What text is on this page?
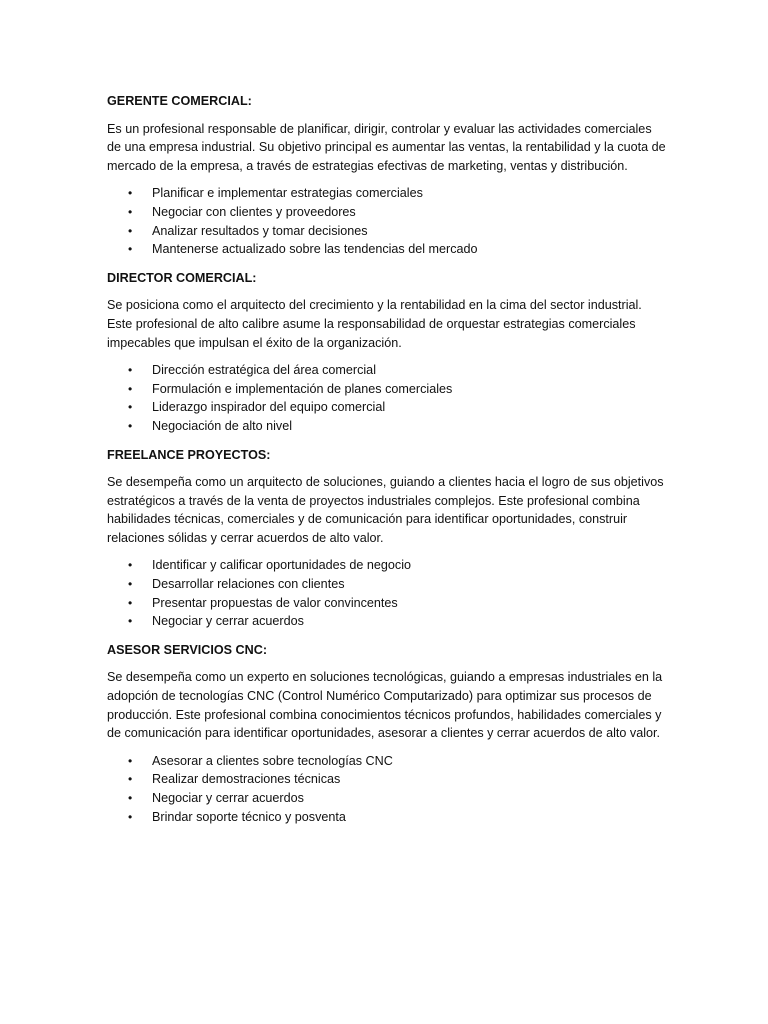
GERENTE COMERCIAL:
Es un profesional responsable de planificar, dirigir, controlar y evaluar las actividades comerciales de una empresa industrial. Su objetivo principal es aumentar las ventas, la rentabilidad y la cuota de mercado de la empresa, a través de estrategias efectivas de marketing, ventas y distribución.
• Planificar e implementar estrategias comerciales
• Negociar con clientes y proveedores
• Analizar resultados y tomar decisiones
• Mantenerse actualizado sobre las tendencias del mercado
DIRECTOR COMERCIAL:
Se posiciona como el arquitecto del crecimiento y la rentabilidad en la cima del sector industrial. Este profesional de alto calibre asume la responsabilidad de orquestar estrategias comerciales impecables que impulsan el éxito de la organización.
• Dirección estratégica del área comercial
• Formulación e implementación de planes comerciales
• Liderazgo inspirador del equipo comercial
• Negociación de alto nivel
FREELANCE PROYECTOS:
Se desempeña como un arquitecto de soluciones, guiando a clientes hacia el logro de sus objetivos estratégicos a través de la venta de proyectos industriales complejos. Este profesional combina habilidades técnicas, comerciales y de comunicación para identificar oportunidades, construir relaciones sólidas y cerrar acuerdos de alto valor.
• Identificar y calificar oportunidades de negocio
• Desarrollar relaciones con clientes
• Presentar propuestas de valor convincentes
• Negociar y cerrar acuerdos
ASESOR SERVICIOS CNC:
Se desempeña como un experto en soluciones tecnológicas, guiando a empresas industriales en la adopción de tecnologías CNC (Control Numérico Computarizado) para optimizar sus procesos de producción. Este profesional combina conocimientos técnicos profundos, habilidades comerciales y de comunicación para identificar oportunidades, asesorar a clientes y cerrar acuerdos de alto valor.
• Asesorar a clientes sobre tecnologías CNC
• Realizar demostraciones técnicas
• Negociar y cerrar acuerdos
• Brindar soporte técnico y posventa
